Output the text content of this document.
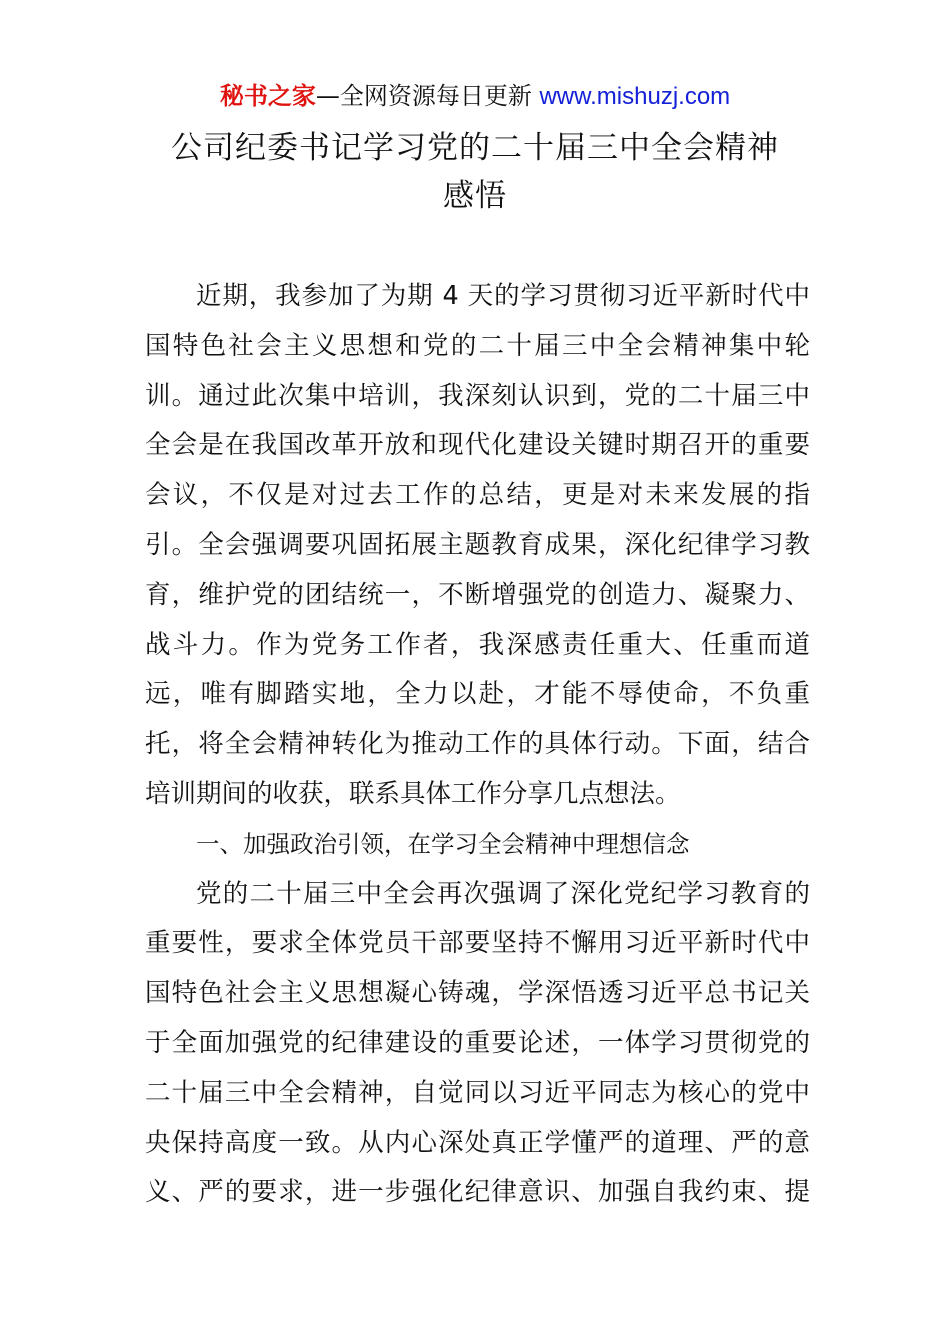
秘书之家—全网资源每日更新 www.mishuzj.com
公司纪委书记学习党的二十届三中全会精神
感悟
近期，我参加了为期 4 天的学习贯彻习近平新时代中
国特色社会主义思想和党的二十届三中全会精神集中轮
训。通过此次集中培训，我深刻认识到，党的二十届三中
全会是在我国改革开放和现代化建设关键时期召开的重要
会议，不仅是对过去工作的总结，更是对未来发展的指
引。全会强调要巩固拓展主题教育成果，深化纪律学习教
育，维护党的团结统一，不断增强党的创造力、凝聚力、
战斗力。作为党务工作者，我深感责任重大、任重而道
远，唯有脚踏实地，全力以赴，才能不辱使命，不负重
托，将全会精神转化为推动工作的具体行动。下面，结合
培训期间的收获，联系具体工作分享几点想法。
一、加强政治引领，在学习全会精神中理想信念
党的二十届三中全会再次强调了深化党纪学习教育的
重要性，要求全体党员干部要坚持不懈用习近平新时代中
国特色社会主义思想凝心铸魂，学深悟透习近平总书记关
于全面加强党的纪律建设的重要论述，一体学习贯彻党的
二十届三中全会精神，自觉同以习近平同志为核心的党中
央保持高度一致。从内心深处真正学懂严的道理、严的意
义、严的要求，进一步强化纪律意识、加强自我约束、提
